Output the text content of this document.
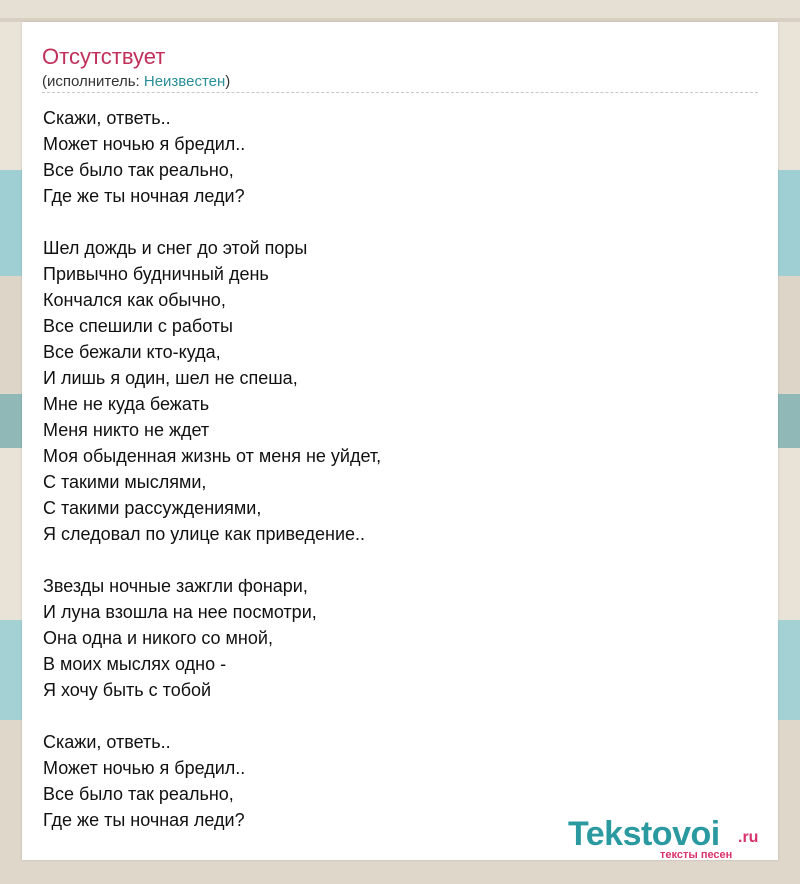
Отсутствует
(исполнитель: Неизвестен)
Скажи, ответь..
Может ночью я бредил..
Все было так реально,
Где же ты ночная леди?

Шел дождь и снег до этой поры
Привычно будничный день
Кончался как обычно,
Все спешили с работы
Все бежали кто-куда,
И лишь я один, шел не спеша,
Мне не куда бежать
Меня никто не ждет
Моя обыденная жизнь от меня не уйдет,
С такими мыслями,
С такими рассуждениями,
Я следовал по улице как приведение..

Звезды ночные зажгли фонари,
И луна взошла на нее посмотри,
Она одна и никого со мной,
В моих мыслях одно -
Я хочу быть с тобой

Скажи, ответь..
Может ночью я бредил..
Все было так реально,
Где же ты ночная леди?	Tekstovoi .ru
тексты песен
